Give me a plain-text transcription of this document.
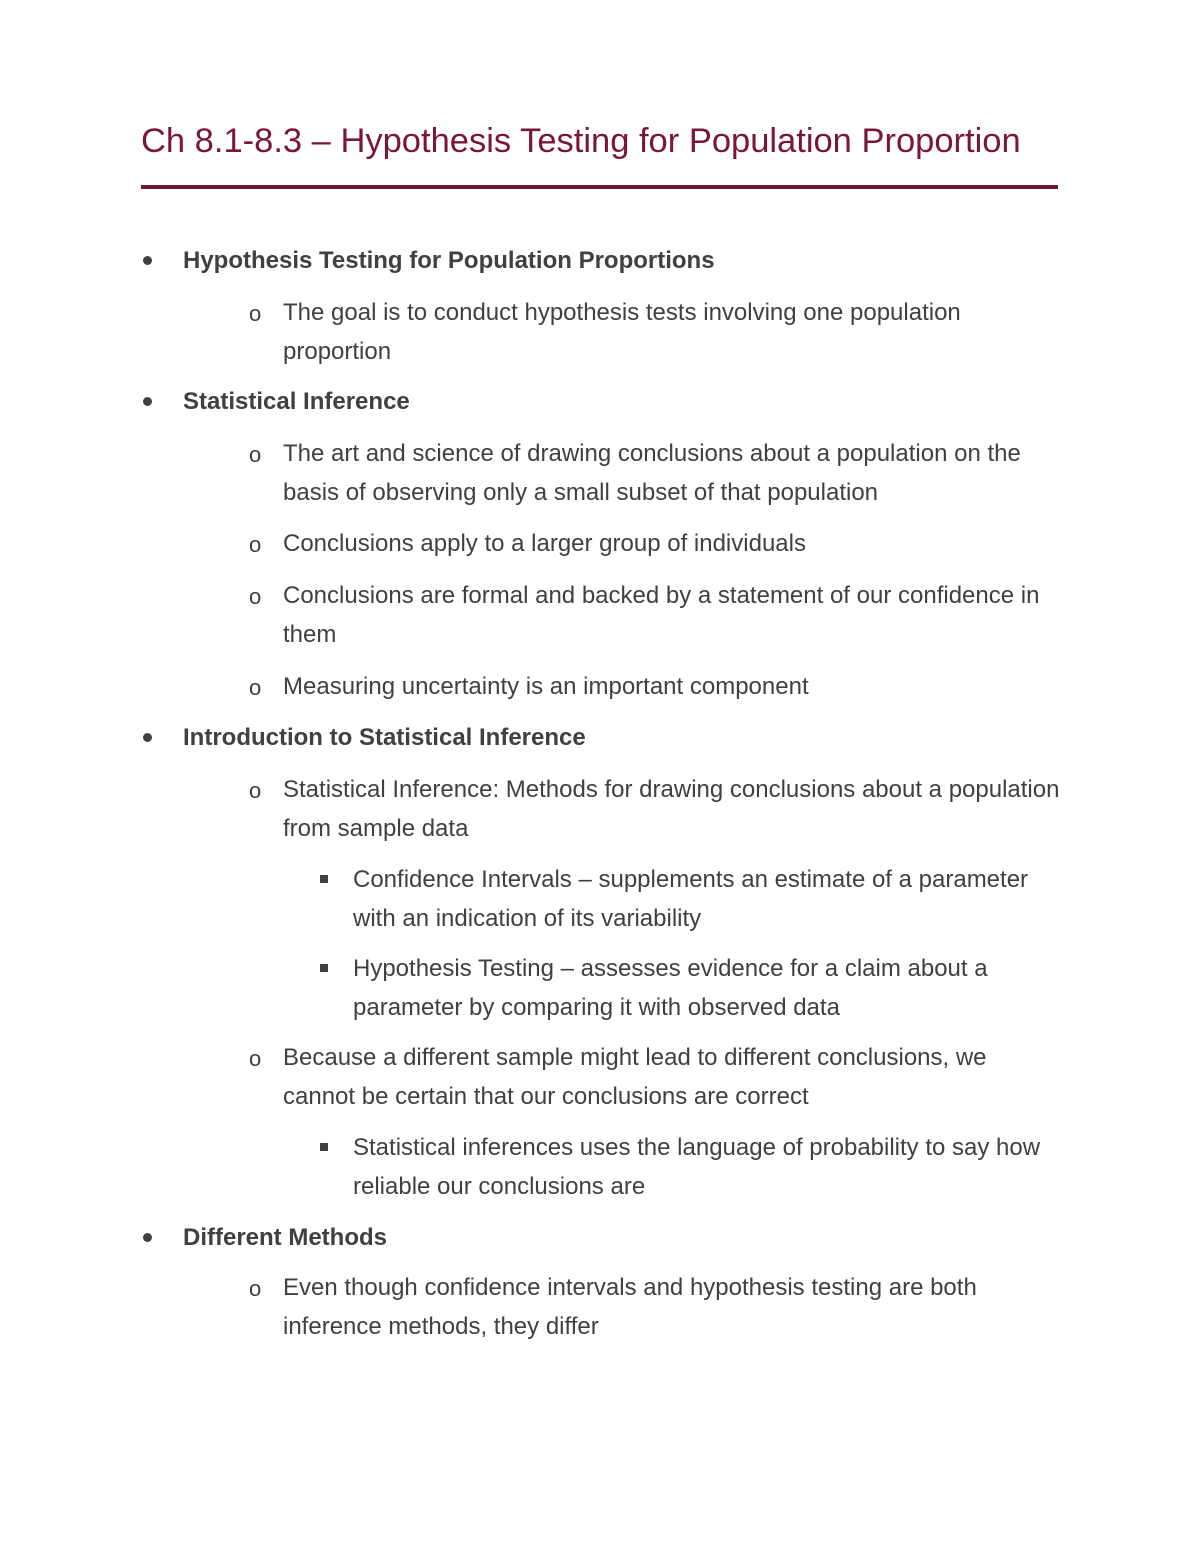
Ch 8.1-8.3 – Hypothesis Testing for Population Proportion

Hypothesis Testing for Population Proportions

o The goal is to conduct hypothesis tests involving one population proportion

Statistical Inference

o The art and science of drawing conclusions about a population on the basis of observing only a small subset of that population

o Conclusions apply to a larger group of individuals

o Conclusions are formal and backed by a statement of our confidence in them

o Measuring uncertainty is an important component

Introduction to Statistical Inference

o Statistical Inference: Methods for drawing conclusions about a population from sample data

Confidence Intervals – supplements an estimate of a parameter with an indication of its variability

Hypothesis Testing – assesses evidence for a claim about a parameter by comparing it with observed data

o Because a different sample might lead to different conclusions, we cannot be certain that our conclusions are correct

Statistical inferences uses the language of probability to say how reliable our conclusions are

Different Methods

o Even though confidence intervals and hypothesis testing are both inference methods, they differ
